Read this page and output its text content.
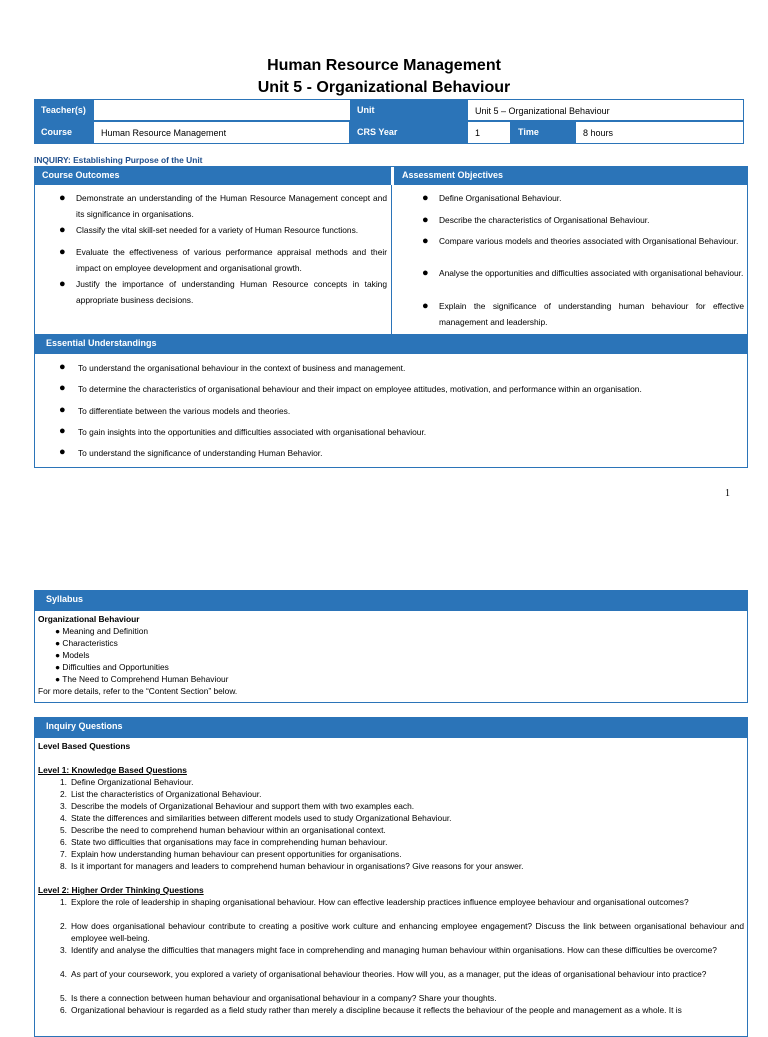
Human Resource Management
Unit 5 - Organizational Behaviour
Teacher(s)	Unit	Unit 5 – Organizational Behaviour
Course	Human Resource Management	CRS Year	1	Time	8 hours
INQUIRY: Establishing Purpose of the Unit
Course Outcomes	Assessment Objectives
● Demonstrate an understanding of the Human Resource Management concept and its significance in organisations.
● Classify the vital skill-set needed for a variety of Human Resource functions.
● Evaluate the effectiveness of various performance appraisal methods and their impact on employee development and organisational growth.
● Justify the importance of understanding Human Resource concepts in taking appropriate business decisions.
● Define Organisational Behaviour.
● Describe the characteristics of Organisational Behaviour.
● Compare various models and theories associated with Organisational Behaviour.
● Analyse the opportunities and difficulties associated with organisational behaviour.
● Explain the significance of understanding human behaviour for effective management and leadership.
Essential Understandings
● To understand the organisational behaviour in the context of business and management.
● To determine the characteristics of organisational behaviour and their impact on employee attitudes, motivation, and performance within an organisation.
● To differentiate between the various models and theories.
● To gain insights into the opportunities and difficulties associated with organisational behaviour.
● To understand the significance of understanding Human Behavior.
1
Syllabus
Organizational Behaviour
● Meaning and Definition
● Characteristics
● Models
● Difficulties and Opportunities
● The Need to Comprehend Human Behaviour
For more details, refer to the “Content Section” below.
Inquiry Questions
Level Based Questions
Level 1: Knowledge Based Questions
1. Define Organizational Behaviour.
2. List the characteristics of Organizational Behaviour.
3. Describe the models of Organizational Behaviour and support them with two examples each.
4. State the differences and similarities between different models used to study Organizational Behaviour.
5. Describe the need to comprehend human behaviour within an organisational context.
6. State two difficulties that organisations may face in comprehending human behaviour.
7. Explain how understanding human behaviour can present opportunities for organisations.
8. Is it important for managers and leaders to comprehend human behaviour in organisations? Give reasons for your answer.
Level 2: Higher Order Thinking Questions
1. Explore the role of leadership in shaping organisational behaviour. How can effective leadership practices influence employee behaviour and organisational outcomes?
2. How does organisational behaviour contribute to creating a positive work culture and enhancing employee engagement? Discuss the link between organisational behaviour and employee well-being.
3. Identify and analyse the difficulties that managers might face in comprehending and managing human behaviour within organisations. How can these difficulties be overcome?
4. As part of your coursework, you explored a variety of organisational behaviour theories. How will you, as a manager, put the ideas of organisational behaviour into practice?
5. Is there a connection between human behaviour and organisational behaviour in a company? Share your thoughts.
6. Organizational behaviour is regarded as a field study rather than merely a discipline because it reflects the behaviour of the people and management as a whole. It is
